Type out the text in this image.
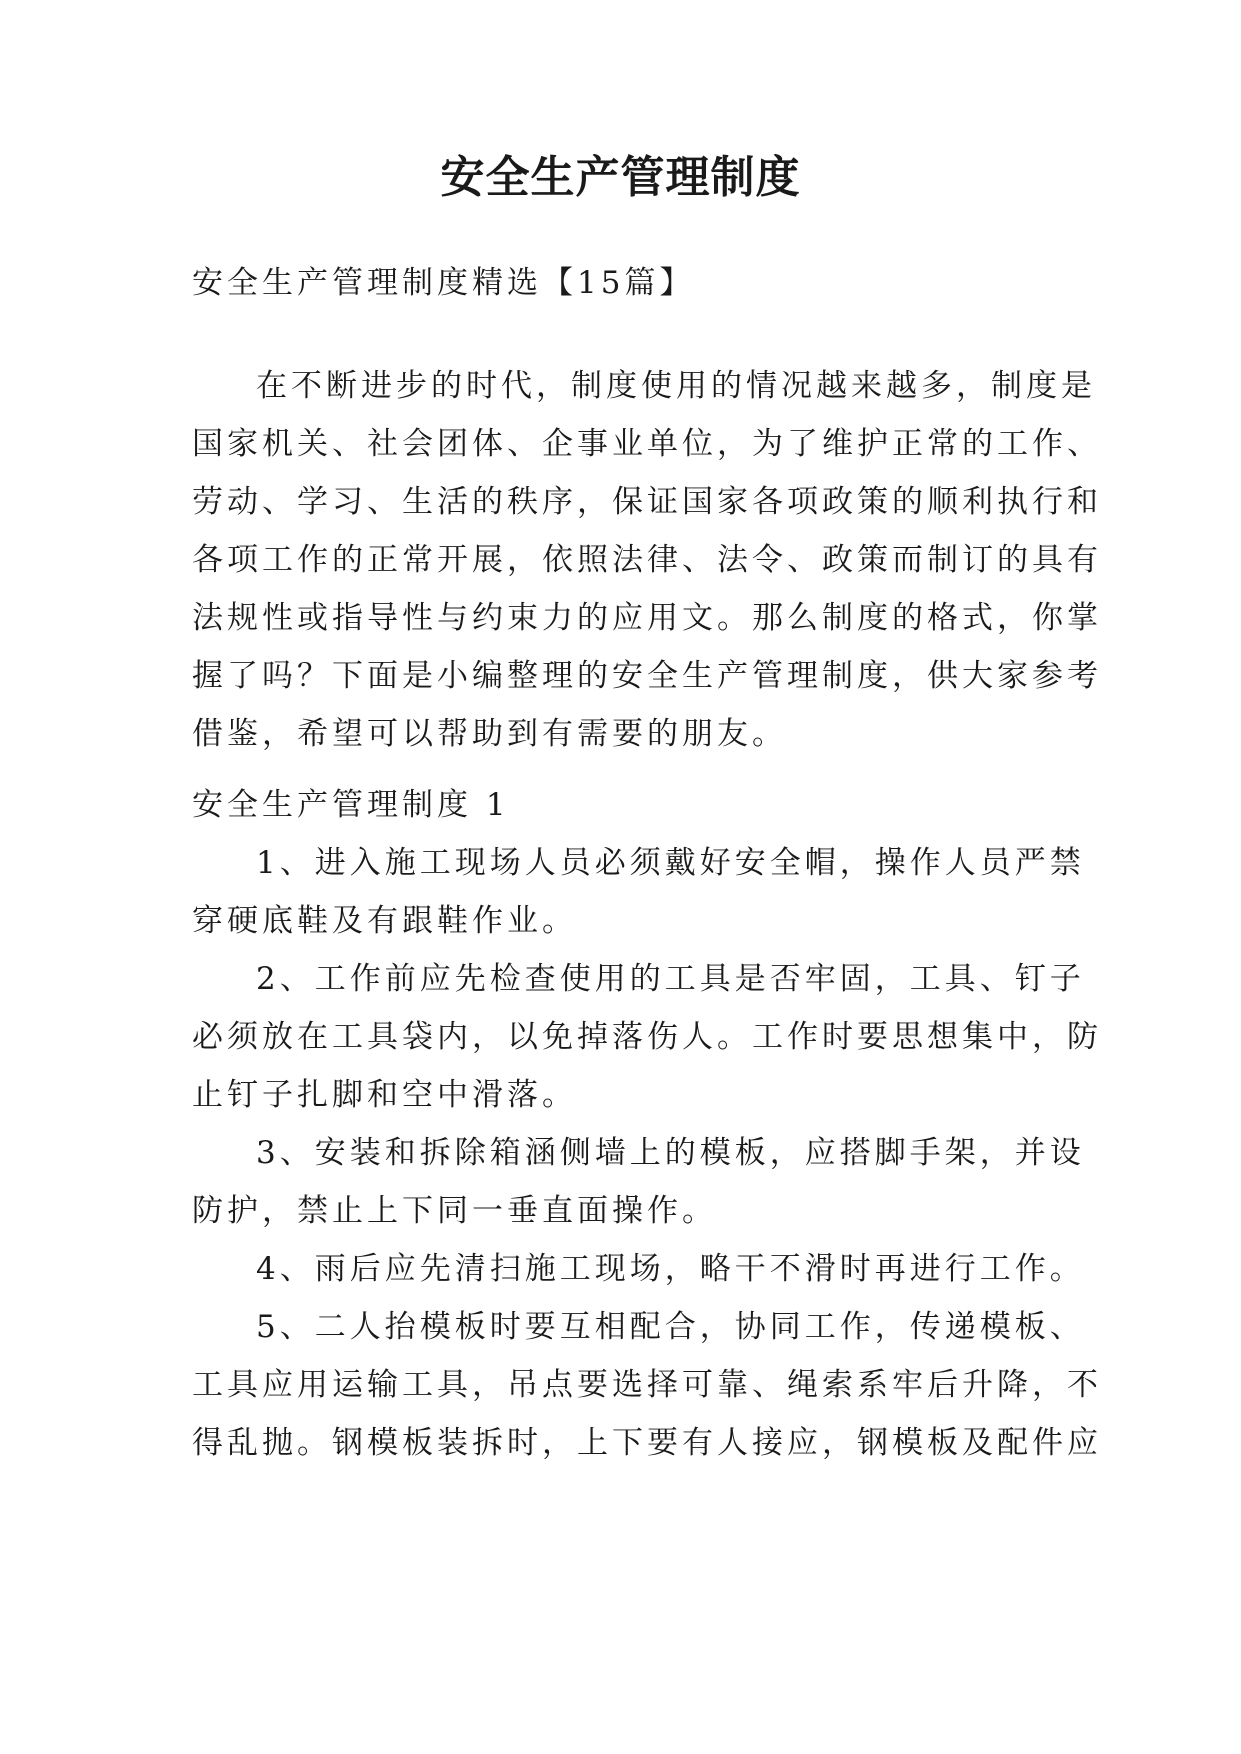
安全生产管理制度

安全生产管理制度精选【15篇】

在不断进步的时代，制度使用的情况越来越多，制度是
国家机关、社会团体、企事业单位，为了维护正常的工作、
劳动、学习、生活的秩序，保证国家各项政策的顺利执行和
各项工作的正常开展，依照法律、法令、政策而制订的具有
法规性或指导性与约束力的应用文。那么制度的格式，你掌
握了吗？下面是小编整理的安全生产管理制度，供大家参考
借鉴，希望可以帮助到有需要的朋友。

安全生产管理制度 1

1、进入施工现场人员必须戴好安全帽，操作人员严禁
穿硬底鞋及有跟鞋作业。
2、工作前应先检查使用的工具是否牢固，工具、钉子
必须放在工具袋内，以免掉落伤人。工作时要思想集中，防
止钉子扎脚和空中滑落。
3、安装和拆除箱涵侧墙上的模板，应搭脚手架，并设
防护，禁止上下同一垂直面操作。
4、雨后应先清扫施工现场，略干不滑时再进行工作。
5、二人抬模板时要互相配合，协同工作，传递模板、
工具应用运输工具，吊点要选择可靠、绳索系牢后升降，不
得乱抛。钢模板装拆时，上下要有人接应，钢模板及配件应
